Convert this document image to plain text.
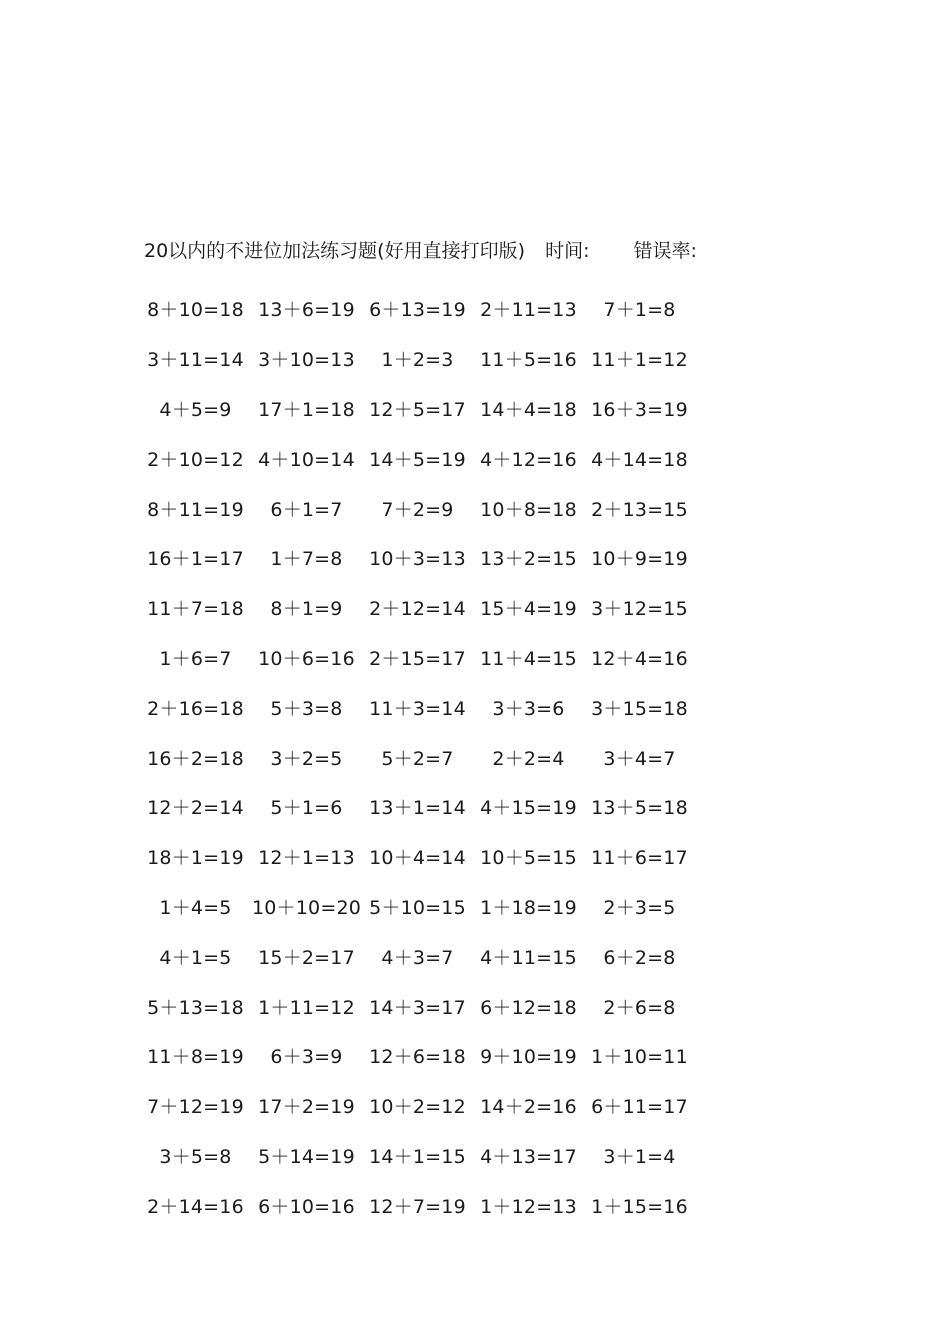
20以内的不进位加法练习题(好用直接打印版) 时间: 错误率:
8＋10=18 13＋6=19 6＋13=19 2＋11=13	7＋1=8
3＋11=14 3＋10=13	1＋2=3	11＋5=16 11＋1=12
4＋5=9	17＋1=18 12＋5=17 14＋4=18 16＋3=19
2＋10=12 4＋10=14 14＋5=19 4＋12=16 4＋14=18
8＋11=19	6＋1=7	7＋2=9	10＋8=18 2＋13=15
16＋1=17	1＋7=8	10＋3=13 13＋2=15 10＋9=19
11＋7=18	8＋1=9	2＋12=14 15＋4=19 3＋12=15
1＋6=7	10＋6=16 2＋15=17 11＋4=15 12＋4=16
2＋16=18	5＋3=8	11＋3=14	3＋3=6	3＋15=18
16＋2=18	3＋2=5	5＋2=7	2＋2=4	3＋4=7
12＋2=14	5＋1=6	13＋1=14 4＋15=19 13＋5=18
18＋1=19 12＋1=13 10＋4=14 10＋5=15 11＋6=17
1＋4=5	10＋10=20 5＋10=15 1＋18=19	2＋3=5
4＋1=5	15＋2=17	4＋3=7	4＋11=15	6＋2=8
5＋13=18 1＋11=12 14＋3=17 6＋12=18	2＋6=8
11＋8=19	6＋3=9	12＋6=18 9＋10=19 1＋10=11
7＋12=19 17＋2=19 10＋2=12 14＋2=16 6＋11=17
3＋5=8	5＋14=19 14＋1=15 4＋13=17	3＋1=4
2＋14=16 6＋10=16 12＋7=19 1＋12=13 1＋15=16
